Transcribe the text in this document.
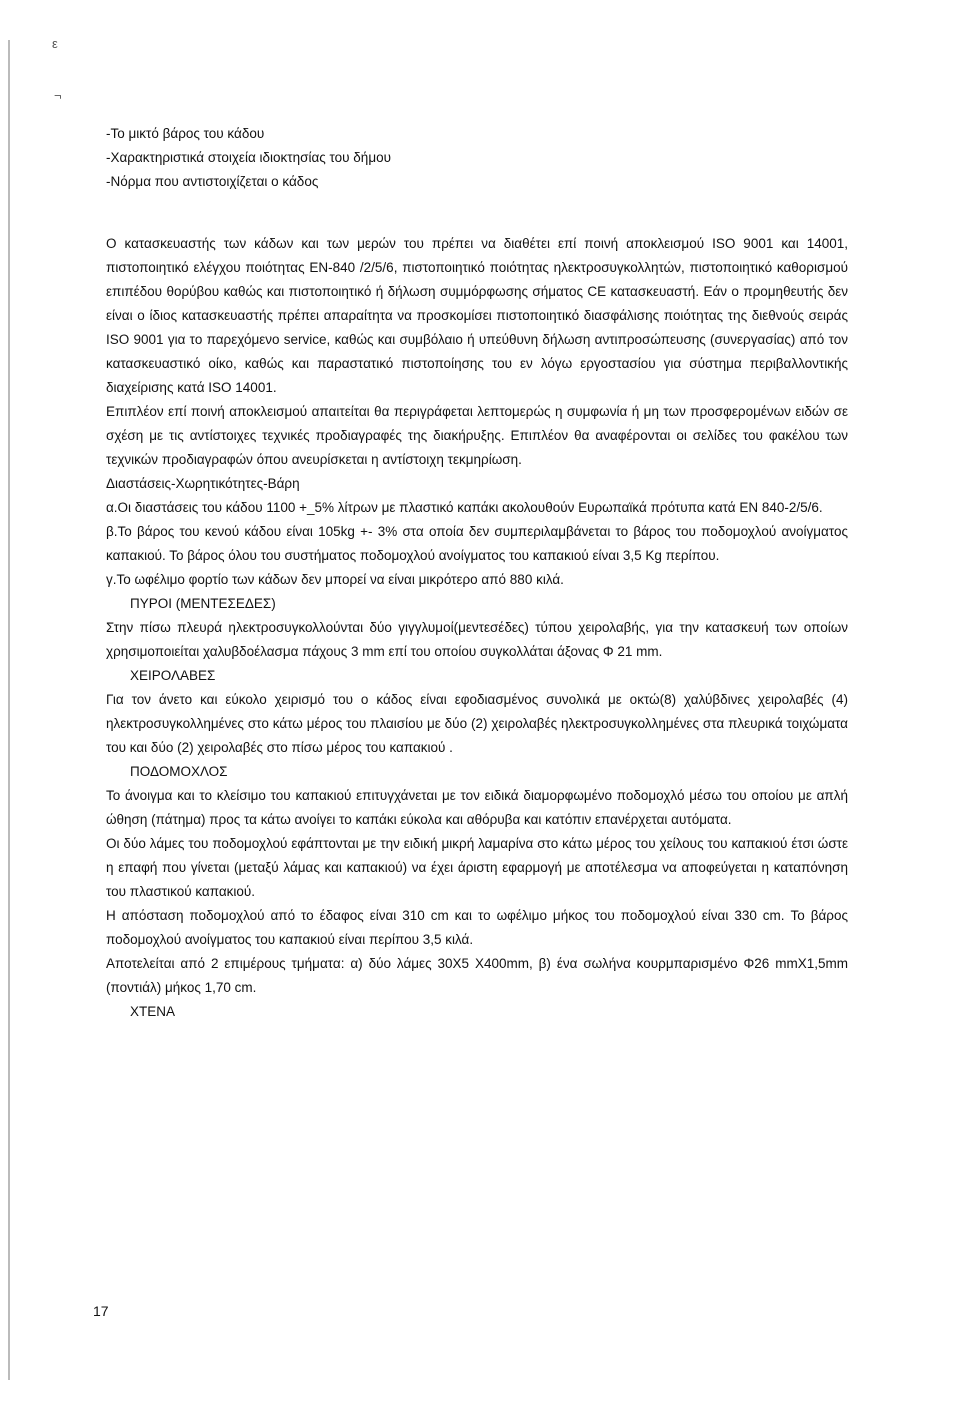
ε
¬

-Το μικτό βάρος του κάδου

-Χαρακτηριστικά στοιχεία ιδιοκτησίας του δήμου

-Νόρμα που αντιστοιχίζεται ο κάδος

Ο κατασκευαστής των κάδων και των μερών του πρέπει να διαθέτει επί ποινή αποκλεισμού ISO 9001 και 14001, πιστοποιητικό ελέγχου ποιότητας ΕΝ-840 /2/5/6, πιστοποιητικό ποιότητας ηλεκτροσυγκολλητών, πιστοποιητικό καθορισμού επιπέδου θορύβου καθώς και πιστοποιητικό ή δήλωση συμμόρφωσης σήματος CE κατασκευαστή. Εάν ο προμηθευτής δεν είναι ο ίδιος κατασκευαστής πρέπει απαραίτητα να προσκομίσει πιστοποιητικό διασφάλισης ποιότητας της διεθνούς σειράς ISO 9001 για το παρεχόμενο service, καθώς και συμβόλαιο ή υπεύθυνη δήλωση αντιπροσώπευσης (συνεργασίας) από τον κατασκευαστικό οίκο, καθώς και παραστατικό πιστοποίησης του εν λόγω εργοστασίου για σύστημα περιβαλλοντικής διαχείρισης κατά ISO 14001.

Επιπλέον επί ποινή αποκλεισμού απαιτείται θα περιγράφεται λεπτομερώς η συμφωνία ή μη των προσφερομένων ειδών σε σχέση με τις αντίστοιχες τεχνικές προδιαγραφές της διακήρυξης. Επιπλέον θα αναφέρονται οι σελίδες του φακέλου των τεχνικών προδιαγραφών όπου ανευρίσκεται η αντίστοιχη τεκμηρίωση.

Διαστάσεις-Χωρητικότητες-Βάρη

α.Οι διαστάσεις του κάδου 1100 +_5% λίτρων με πλαστικό καπάκι ακολουθούν Ευρωπαϊκά πρότυπα κατά ΕΝ 840-2/5/6.

β.Το βάρος του κενού κάδου είναι 105kg +- 3% στα οποία δεν συμπεριλαμβάνεται το βάρος του ποδομοχλού ανοίγματος καπακιού. Το βάρος όλου του συστήματος ποδομοχλού ανοίγματος του καπακιού είναι 3,5 Kg περίπου.

γ.Το ωφέλιμο φορτίο των κάδων δεν μπορεί να είναι μικρότερο από 880 κιλά.

ΠΥΡΟΙ (ΜΕΝΤΕΣΕΔΕΣ)

Στην πίσω πλευρά ηλεκτροσυγκολλούνται δύο γιγγλυμοί(μεντεσέδες) τύπου χειρολαβής, για την κατασκευή των οποίων χρησιμοποιείται χαλυβδοέλασμα πάχους 3 mm επί του οποίου συγκολλάται άξονας Φ 21 mm.

ΧΕΙΡΟΛΑΒΕΣ

Για τον άνετο και εύκολο χειρισμό του ο κάδος είναι εφοδιασμένος συνολικά με οκτώ(8) χαλύβδινες χειρολαβές (4) ηλεκτροσυγκολλημένες στο κάτω μέρος του πλαισίου με δύο (2) χειρολαβές ηλεκτροσυγκολλημένες στα πλευρικά τοιχώματα του και δύο (2) χειρολαβές στο πίσω μέρος του καπακιού .

ΠΟΔΟΜΟΧΛΟΣ

Το άνοιγμα και το κλείσιμο του καπακιού επιτυγχάνεται με τον ειδικά διαμορφωμένο ποδομοχλό μέσω του οποίου με απλή ώθηση (πάτημα) προς τα κάτω ανοίγει το καπάκι εύκολα και αθόρυβα και κατόπιν επανέρχεται αυτόματα.

Οι δύο λάμες του ποδομοχλού εφάπτονται με την ειδική μικρή λαμαρίνα στο κάτω μέρος του χείλους του καπακιού έτσι ώστε η επαφή που γίνεται (μεταξύ λάμας και καπακιού) να έχει άριστη εφαρμογή με αποτέλεσμα να αποφεύγεται η καταπόνηση του πλαστικού καπακιού.

Η απόσταση ποδομοχλού από το έδαφος είναι 310 cm και το ωφέλιμο μήκος του ποδομοχλού είναι 330 cm. Το βάρος ποδομοχλού ανοίγματος του καπακιού είναι περίπου 3,5 κιλά.

Αποτελείται από 2 επιμέρους τμήματα: α) δύο λάμες 30Χ5 Χ400mm, β) ένα σωλήνα κουρμπαρισμένο Φ26 mmX1,5mm (ποντιάλ) μήκος 1,70 cm.

ΧΤΕΝΑ

17
